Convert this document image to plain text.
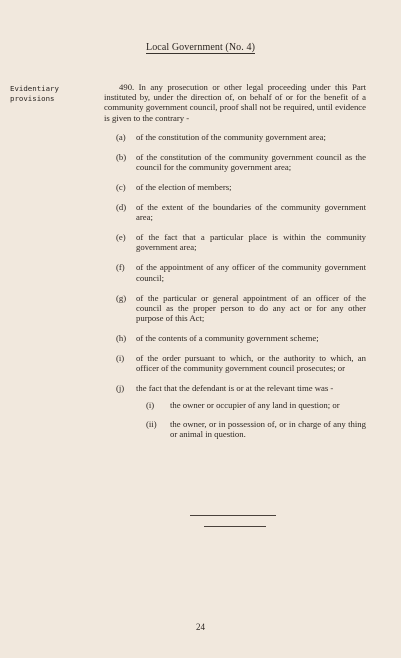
Local Government (No. 4)
Evidentiary
provisions

490. In any prosecution or other legal proceeding under this Part instituted by, under the direction of, on behalf of or for the benefit of a community government council, proof shall not be required, until evidence is given to the contrary -

(a)	of the constitution of the community government area;
(b)	of the constitution of the community government council as the council for the community government area;
(c)	of the election of members;
(d)	of the extent of the boundaries of the community government area;
(e)	of the fact that a particular place is within the community government area;
(f)	of the appointment of any officer of the community government council;
(g)	of the particular or general appointment of an officer of the council as the proper person to do any act or for any other purpose of this Act;
(h)	of the contents of a community government scheme;
(i)	of the order pursuant to which, or the authority to which, an officer of the community government council prosecutes; or
(j)	the fact that the defendant is or at the relevant time was -
(i)	the owner or occupier of any land in question; or
(ii)	the owner, or in possession of, or in charge of any thing or animal in question.
24
